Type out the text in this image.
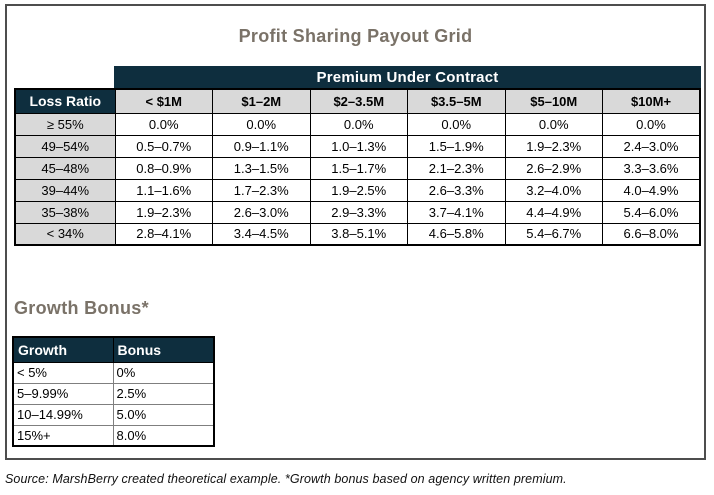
Profit Sharing Payout Grid
Premium Under Contract
Loss Ratio	< $1M	$1–2M	$2–3.5M	$3.5–5M	$5–10M	$10M+
≥ 55%	0.0%	0.0%	0.0%	0.0%	0.0%	0.0%
49–54%	0.5–0.7%	0.9–1.1%	1.0–1.3%	1.5–1.9%	1.9–2.3%	2.4–3.0%
45–48%	0.8–0.9%	1.3–1.5%	1.5–1.7%	2.1–2.3%	2.6–2.9%	3.3–3.6%
39–44%	1.1–1.6%	1.7–2.3%	1.9–2.5%	2.6–3.3%	3.2–4.0%	4.0–4.9%
35–38%	1.9–2.3%	2.6–3.0%	2.9–3.3%	3.7–4.1%	4.4–4.9%	5.4–6.0%
< 34%	2.8–4.1%	3.4–4.5%	3.8–5.1%	4.6–5.8%	5.4–6.7%	6.6–8.0%
Growth Bonus*
Growth	Bonus
< 5%	0%
5–9.99%	2.5%
10–14.99%	5.0%
15%+	8.0%
Source: MarshBerry created theoretical example. *Growth bonus based on agency written premium.
